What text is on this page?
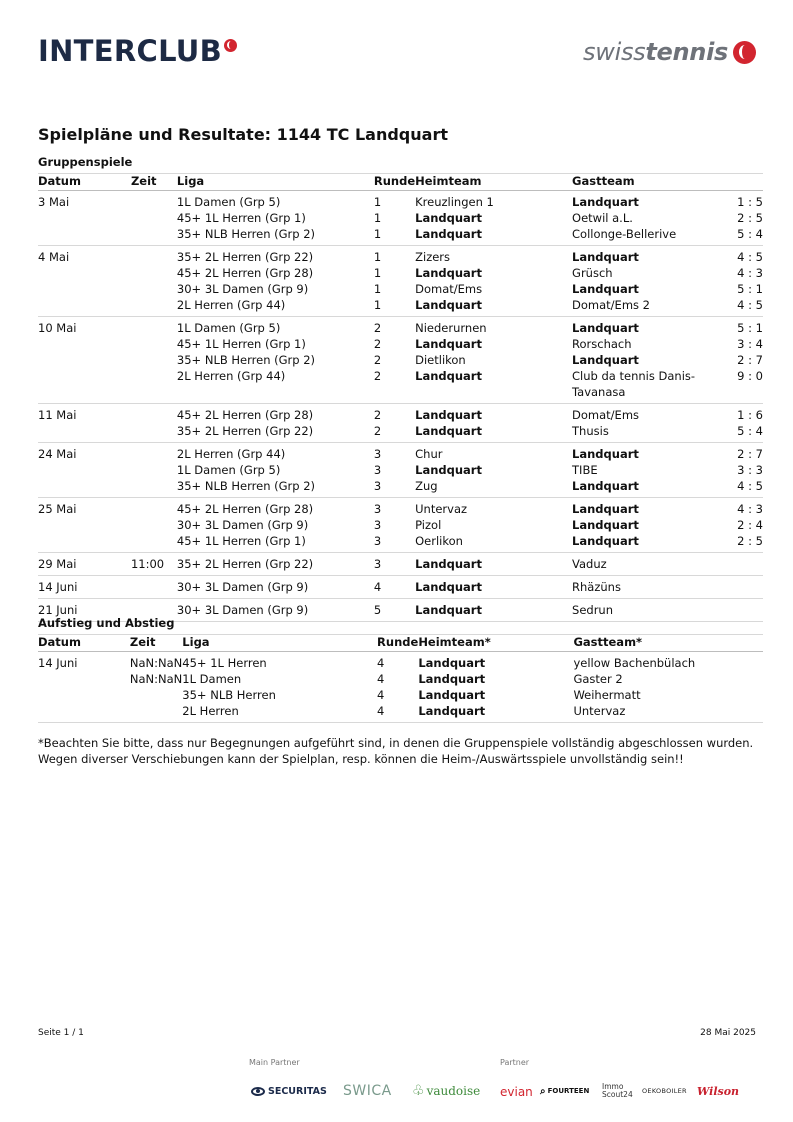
INTERCLUB	swiss tennis
Spielpläne und Resultate: 1144 TC Landquart
Gruppenspiele
Datum	Zeit	Liga	Runde	Heimteam	Gastteam	
3 Mai		1L Damen (Grp 5)	1	Kreuzlingen 1	Landquart	1 : 5
		45+ 1L Herren (Grp 1)	1	Landquart	Oetwil a.L.	2 : 5
		35+ NLB Herren (Grp 2)	1	Landquart	Collonge-Bellerive	5 : 4
4 Mai		35+ 2L Herren (Grp 22)	1	Zizers	Landquart	4 : 5
		45+ 2L Herren (Grp 28)	1	Landquart	Grüsch	4 : 3
		30+ 3L Damen (Grp 9)	1	Domat/Ems	Landquart	5 : 1
		2L Herren (Grp 44)	1	Landquart	Domat/Ems 2	4 : 5
10 Mai		1L Damen (Grp 5)	2	Niederurnen	Landquart	5 : 1
		45+ 1L Herren (Grp 1)	2	Landquart	Rorschach	3 : 4
		35+ NLB Herren (Grp 2)	2	Dietlikon	Landquart	2 : 7
		2L Herren (Grp 44)	2	Landquart	Club da tennis Danis-Tavanasa	9 : 0
11 Mai		45+ 2L Herren (Grp 28)	2	Landquart	Domat/Ems	1 : 6
		35+ 2L Herren (Grp 22)	2	Landquart	Thusis	5 : 4
24 Mai		2L Herren (Grp 44)	3	Chur	Landquart	2 : 7
		1L Damen (Grp 5)	3	Landquart	TIBE	3 : 3
		35+ NLB Herren (Grp 2)	3	Zug	Landquart	4 : 5
25 Mai		45+ 2L Herren (Grp 28)	3	Untervaz	Landquart	4 : 3
		30+ 3L Damen (Grp 9)	3	Pizol	Landquart	2 : 4
		45+ 1L Herren (Grp 1)	3	Oerlikon	Landquart	2 : 5
29 Mai	11:00	35+ 2L Herren (Grp 22)	3	Landquart	Vaduz	
14 Juni		30+ 3L Damen (Grp 9)	4	Landquart	Rhäzüns	
21 Juni		30+ 3L Damen (Grp 9)	5	Landquart	Sedrun	
Aufstieg und Abstieg
Datum	Zeit	Liga	Runde	Heimteam*	Gastteam*	
14 Juni	NaN:NaN	45+ 1L Herren	4	Landquart	yellow Bachenbülach	
	NaN:NaN	1L Damen	4	Landquart	Gaster 2	
		35+ NLB Herren	4	Landquart	Weihermatt	
		2L Herren	4	Landquart	Untervaz	
*Beachten Sie bitte, dass nur Begegnungen aufgeführt sind, in denen die Gruppenspiele vollständig abgeschlossen wurden.
Wegen diverser Verschiebungen kann der Spielplan, resp. können die Heim-/Auswärtsspiele unvollständig sein!!
Seite 1 / 1	28 Mai 2025
Main Partner	Partner
SECURITAS SWICA ♧ vaudoise evian ⌕ FOURTEEN Immo Scout24 OEKOBOILER Wilson
